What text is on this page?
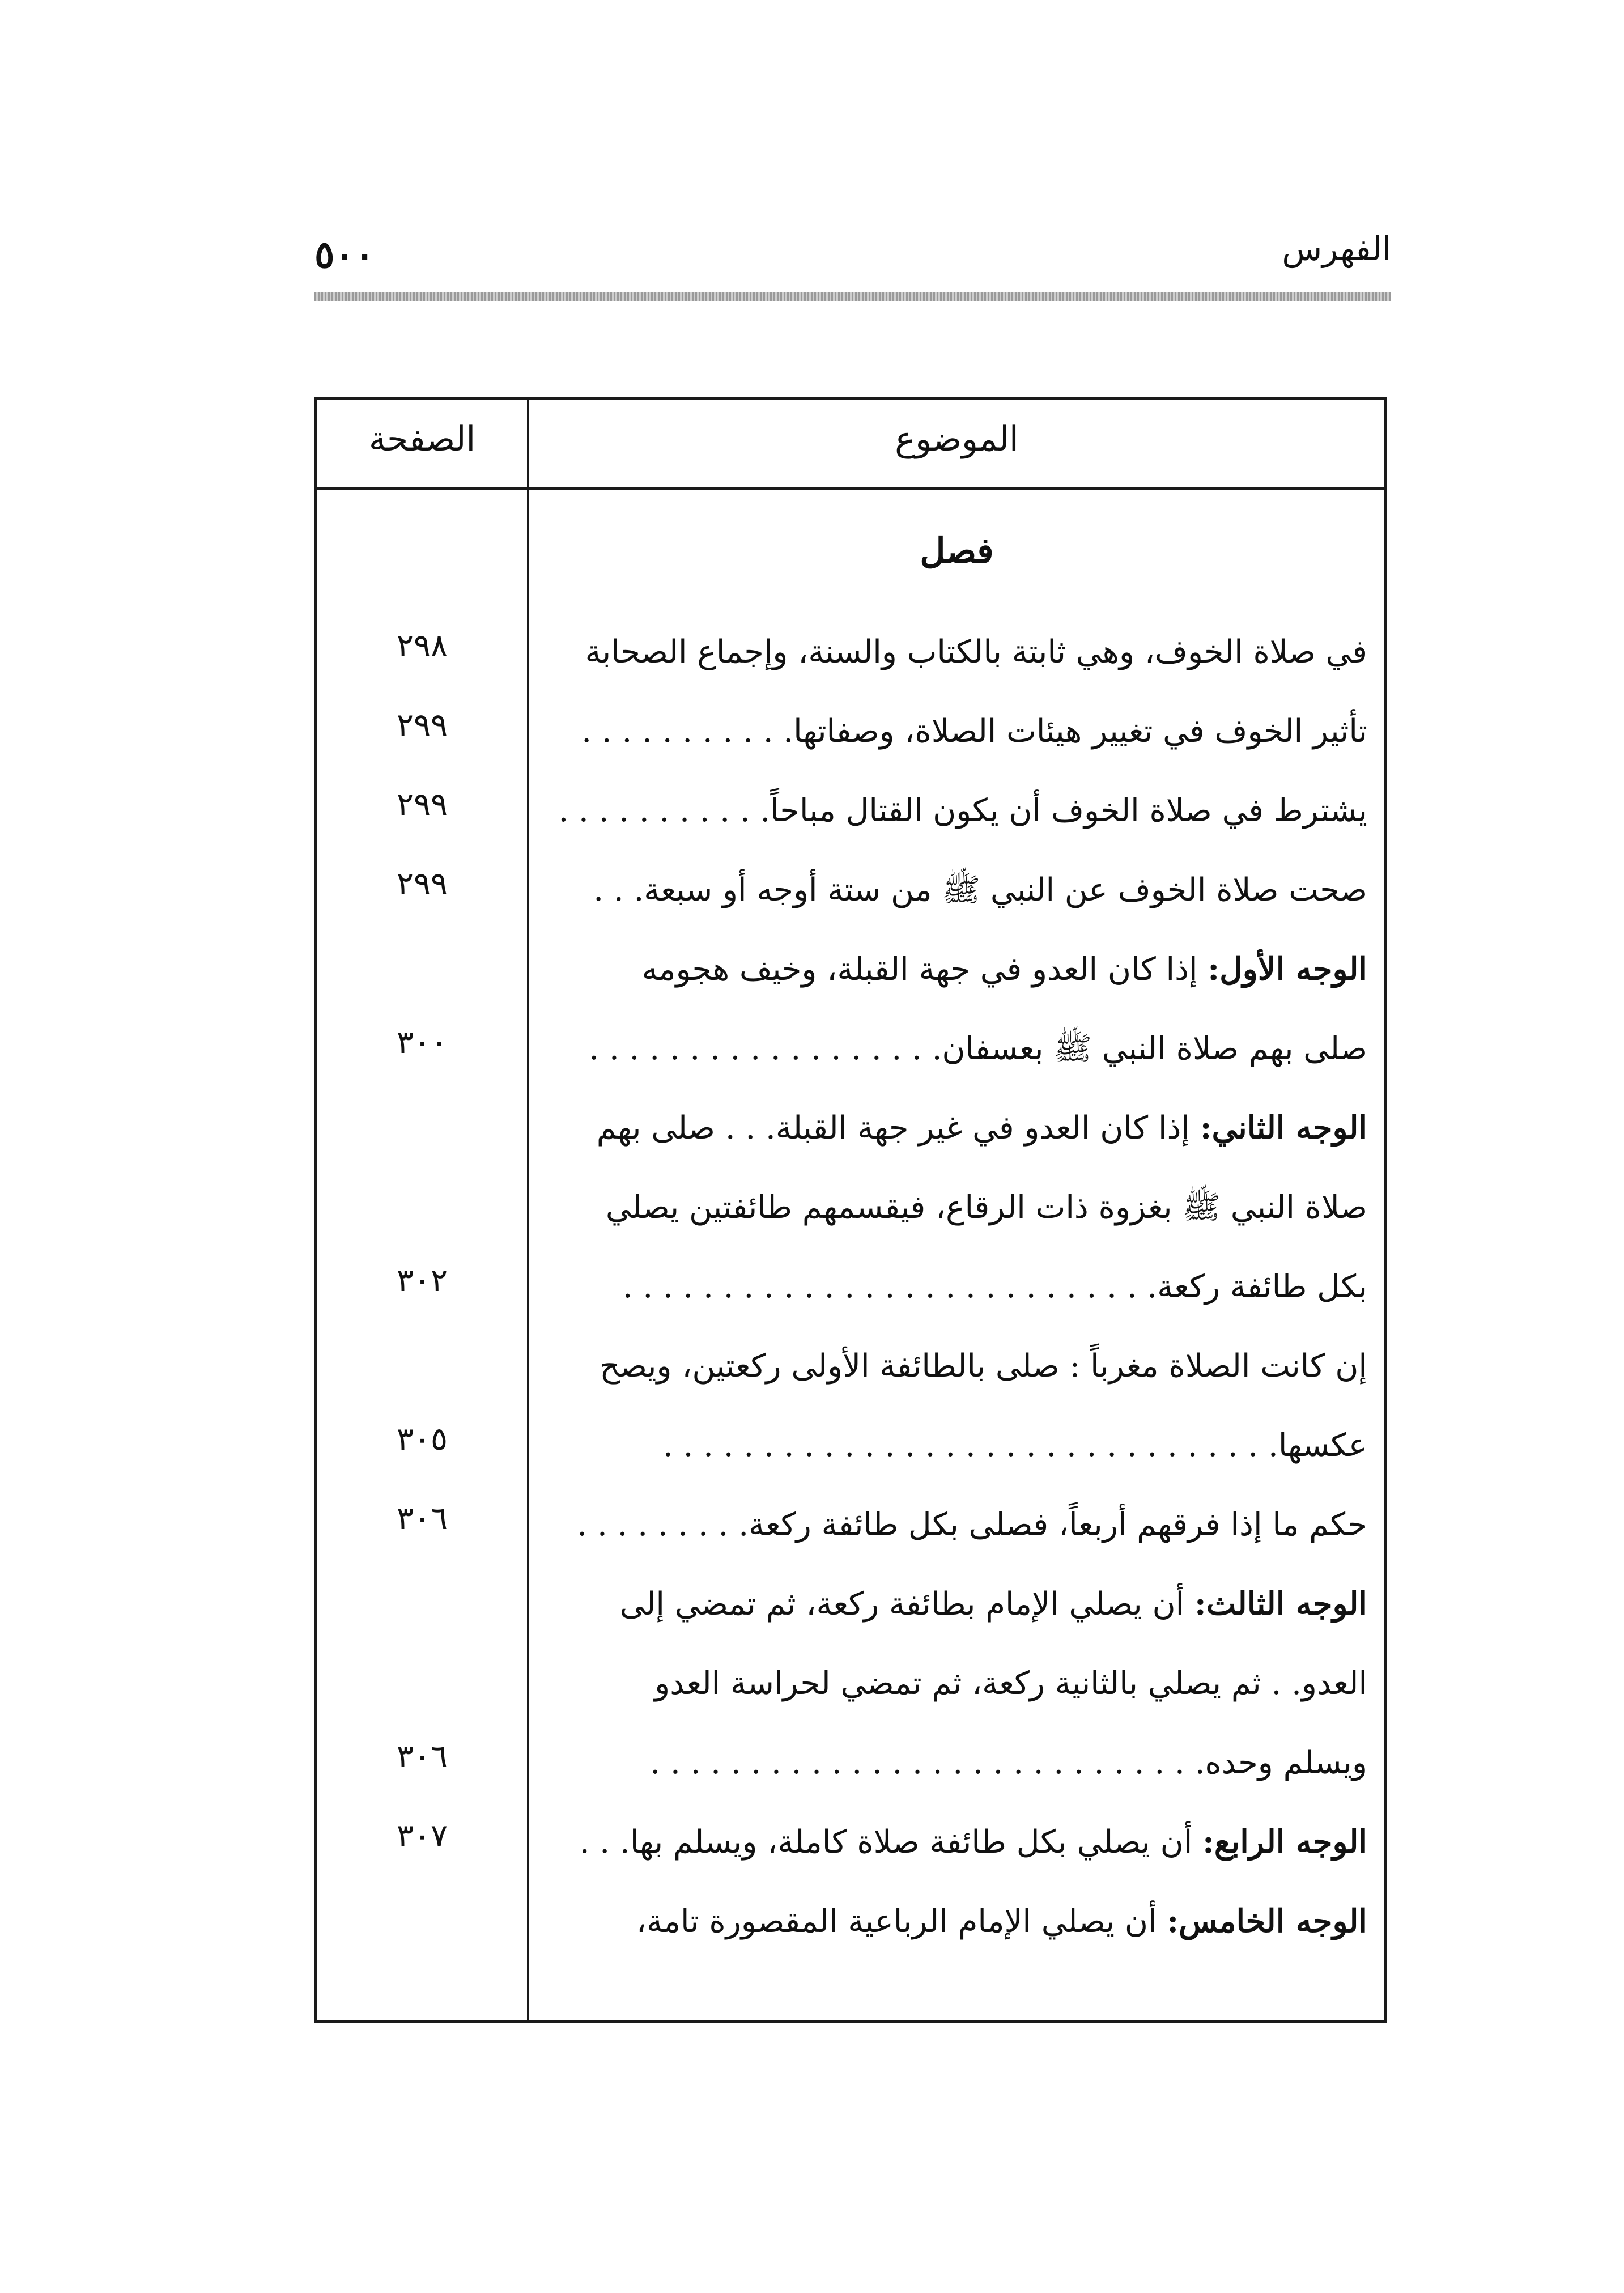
٥٠٠	الفهرس
الصفحة	الموضوع
فصل
في صلاة الخوف، وهي ثابتة بالكتاب والسنة، وإجماع الصحابة
٢٩٨
تأثير الخوف في تغيير هيئات الصلاة، وصفاتها. . . . . . . . . . .
٢٩٩
يشترط في صلاة الخوف أن يكون القتال مباحاً. . . . . . . . . . .
٢٩٩
صحت صلاة الخوف عن النبي ﷺ من ستة أوجه أو سبعة. . .
٢٩٩
الوجه الأول: إذا كان العدو في جهة القبلة، وخيف هجومه
صلى بهم صلاة النبي ﷺ بعسفان. . . . . . . . . . . . . . . . . .
٣٠٠
الوجه الثاني: إذا كان العدو في غير جهة القبلة. . . صلى بهم
صلاة النبي ﷺ بغزوة ذات الرقاع، فيقسمهم طائفتين يصلي
بكل طائفة ركعة. . . . . . . . . . . . . . . . . . . . . . . . . . .
٣٠٢
إن كانت الصلاة مغرباً : صلى بالطائفة الأولى ركعتين، ويصح
عكسها. . . . . . . . . . . . . . . . . . . . . . . . . . . . . . .
٣٠٥
حكم ما إذا فرقهم أربعاً، فصلى بكل طائفة ركعة. . . . . . . . .
٣٠٦
الوجه الثالث: أن يصلي الإمام بطائفة ركعة، ثم تمضي إلى
العدو. . ثم يصلي بالثانية ركعة، ثم تمضي لحراسة العدو
ويسلم وحده. . . . . . . . . . . . . . . . . . . . . . . . . . . .
٣٠٦
الوجه الرابع: أن يصلي بكل طائفة صلاة كاملة، ويسلم بها. . .
٣٠٧
الوجه الخامس: أن يصلي الإمام الرباعية المقصورة تامة،
